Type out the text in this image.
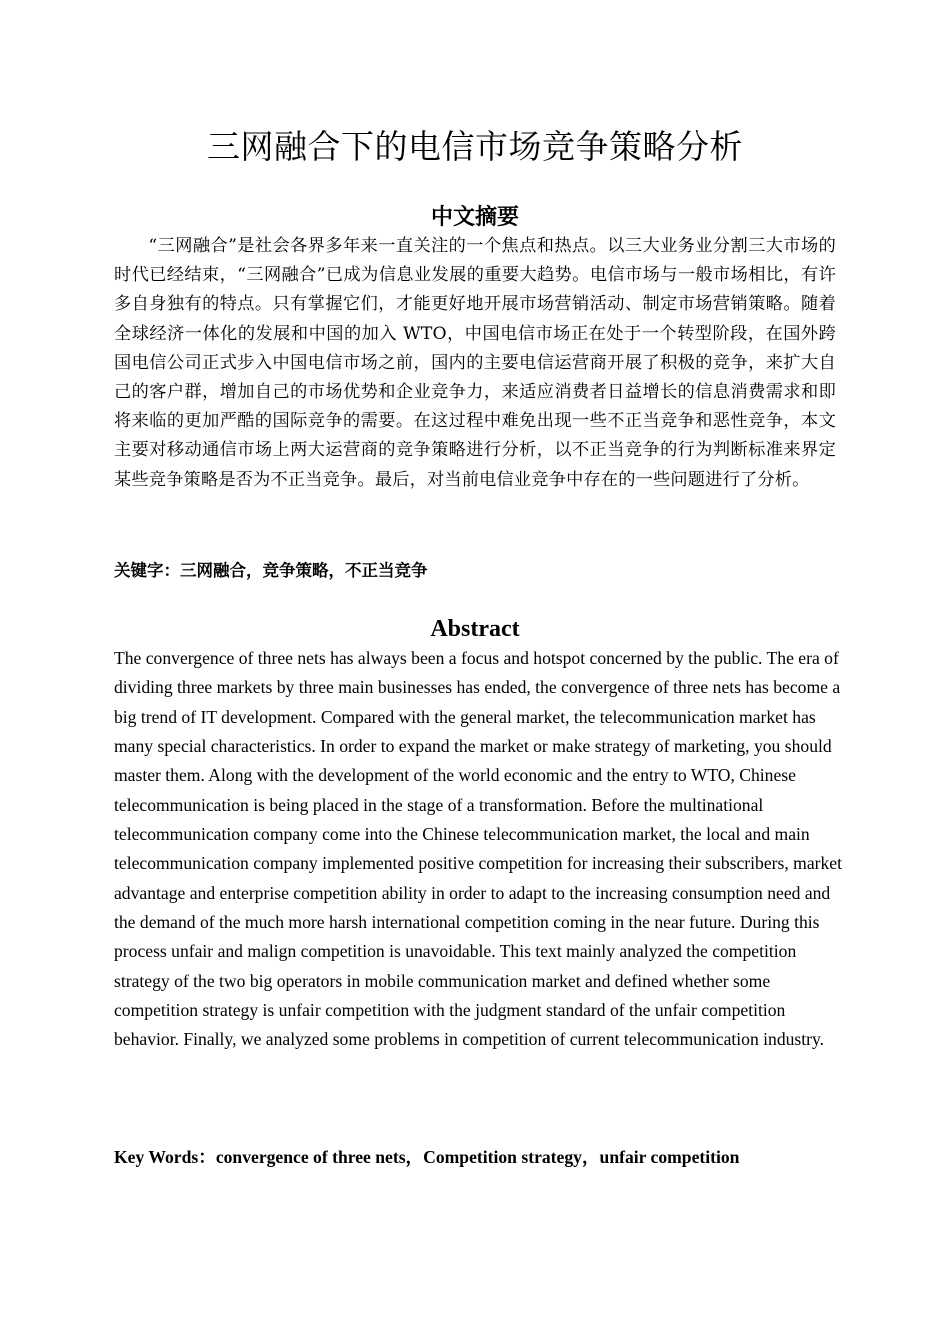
三网融合下的电信市场竞争策略分析
中文摘要

“三网融合”是社会各界多年来一直关注的一个焦点和热点。以三大业务业分割三大市场的时代已经结束，“三网融合”已成为信息业发展的重要大趋势。电信市场与一般市场相比，有许多自身独有的特点。只有掌握它们，才能更好地开展市场营销活动、制定市场营销策略。随着全球经济一体化的发展和中国的加入 WTO，中国电信市场正在处于一个转型阶段，在国外跨国电信公司正式步入中国电信市场之前，国内的主要电信运营商开展了积极的竞争，来扩大自己的客户群，增加自己的市场优势和企业竞争力，来适应消费者日益增长的信息消费需求和即将来临的更加严酷的国际竞争的需要。在这过程中难免出现一些不正当竞争和恶性竞争，本文主要对移动通信市场上两大运营商的竞争策略进行分析，以不正当竞争的行为判断标准来界定某些竞争策略是否为不正当竞争。最后，对当前电信业竞争中存在的一些问题进行了分析。

关键字：三网融合，竞争策略，不正当竞争

Abstract

The convergence of three nets has always been a focus and hotspot concerned by the public. The era of dividing three markets by three main businesses has ended, the convergence of three nets has become a big trend of IT development. Compared with the general market, the telecommunication market has many special characteristics. In order to expand the market or make strategy of marketing, you should master them. Along with the development of the world economic and the entry to WTO, Chinese telecommunication is being placed in the stage of a transformation. Before the multinational telecommunication company come into the Chinese telecommunication market, the local and main telecommunication company implemented positive competition for increasing their subscribers, market advantage and enterprise competition ability in order to adapt to the increasing consumption need and the demand of the much more harsh international competition coming in the near future. During this process unfair and malign competition is unavoidable. This text mainly analyzed the competition strategy of the two big operators in mobile communication market and defined whether some competition strategy is unfair competition with the judgment standard of the unfair competition behavior. Finally, we analyzed some problems in competition of current telecommunication industry.

Key Words：convergence of three nets，Competition strategy，unfair competition
